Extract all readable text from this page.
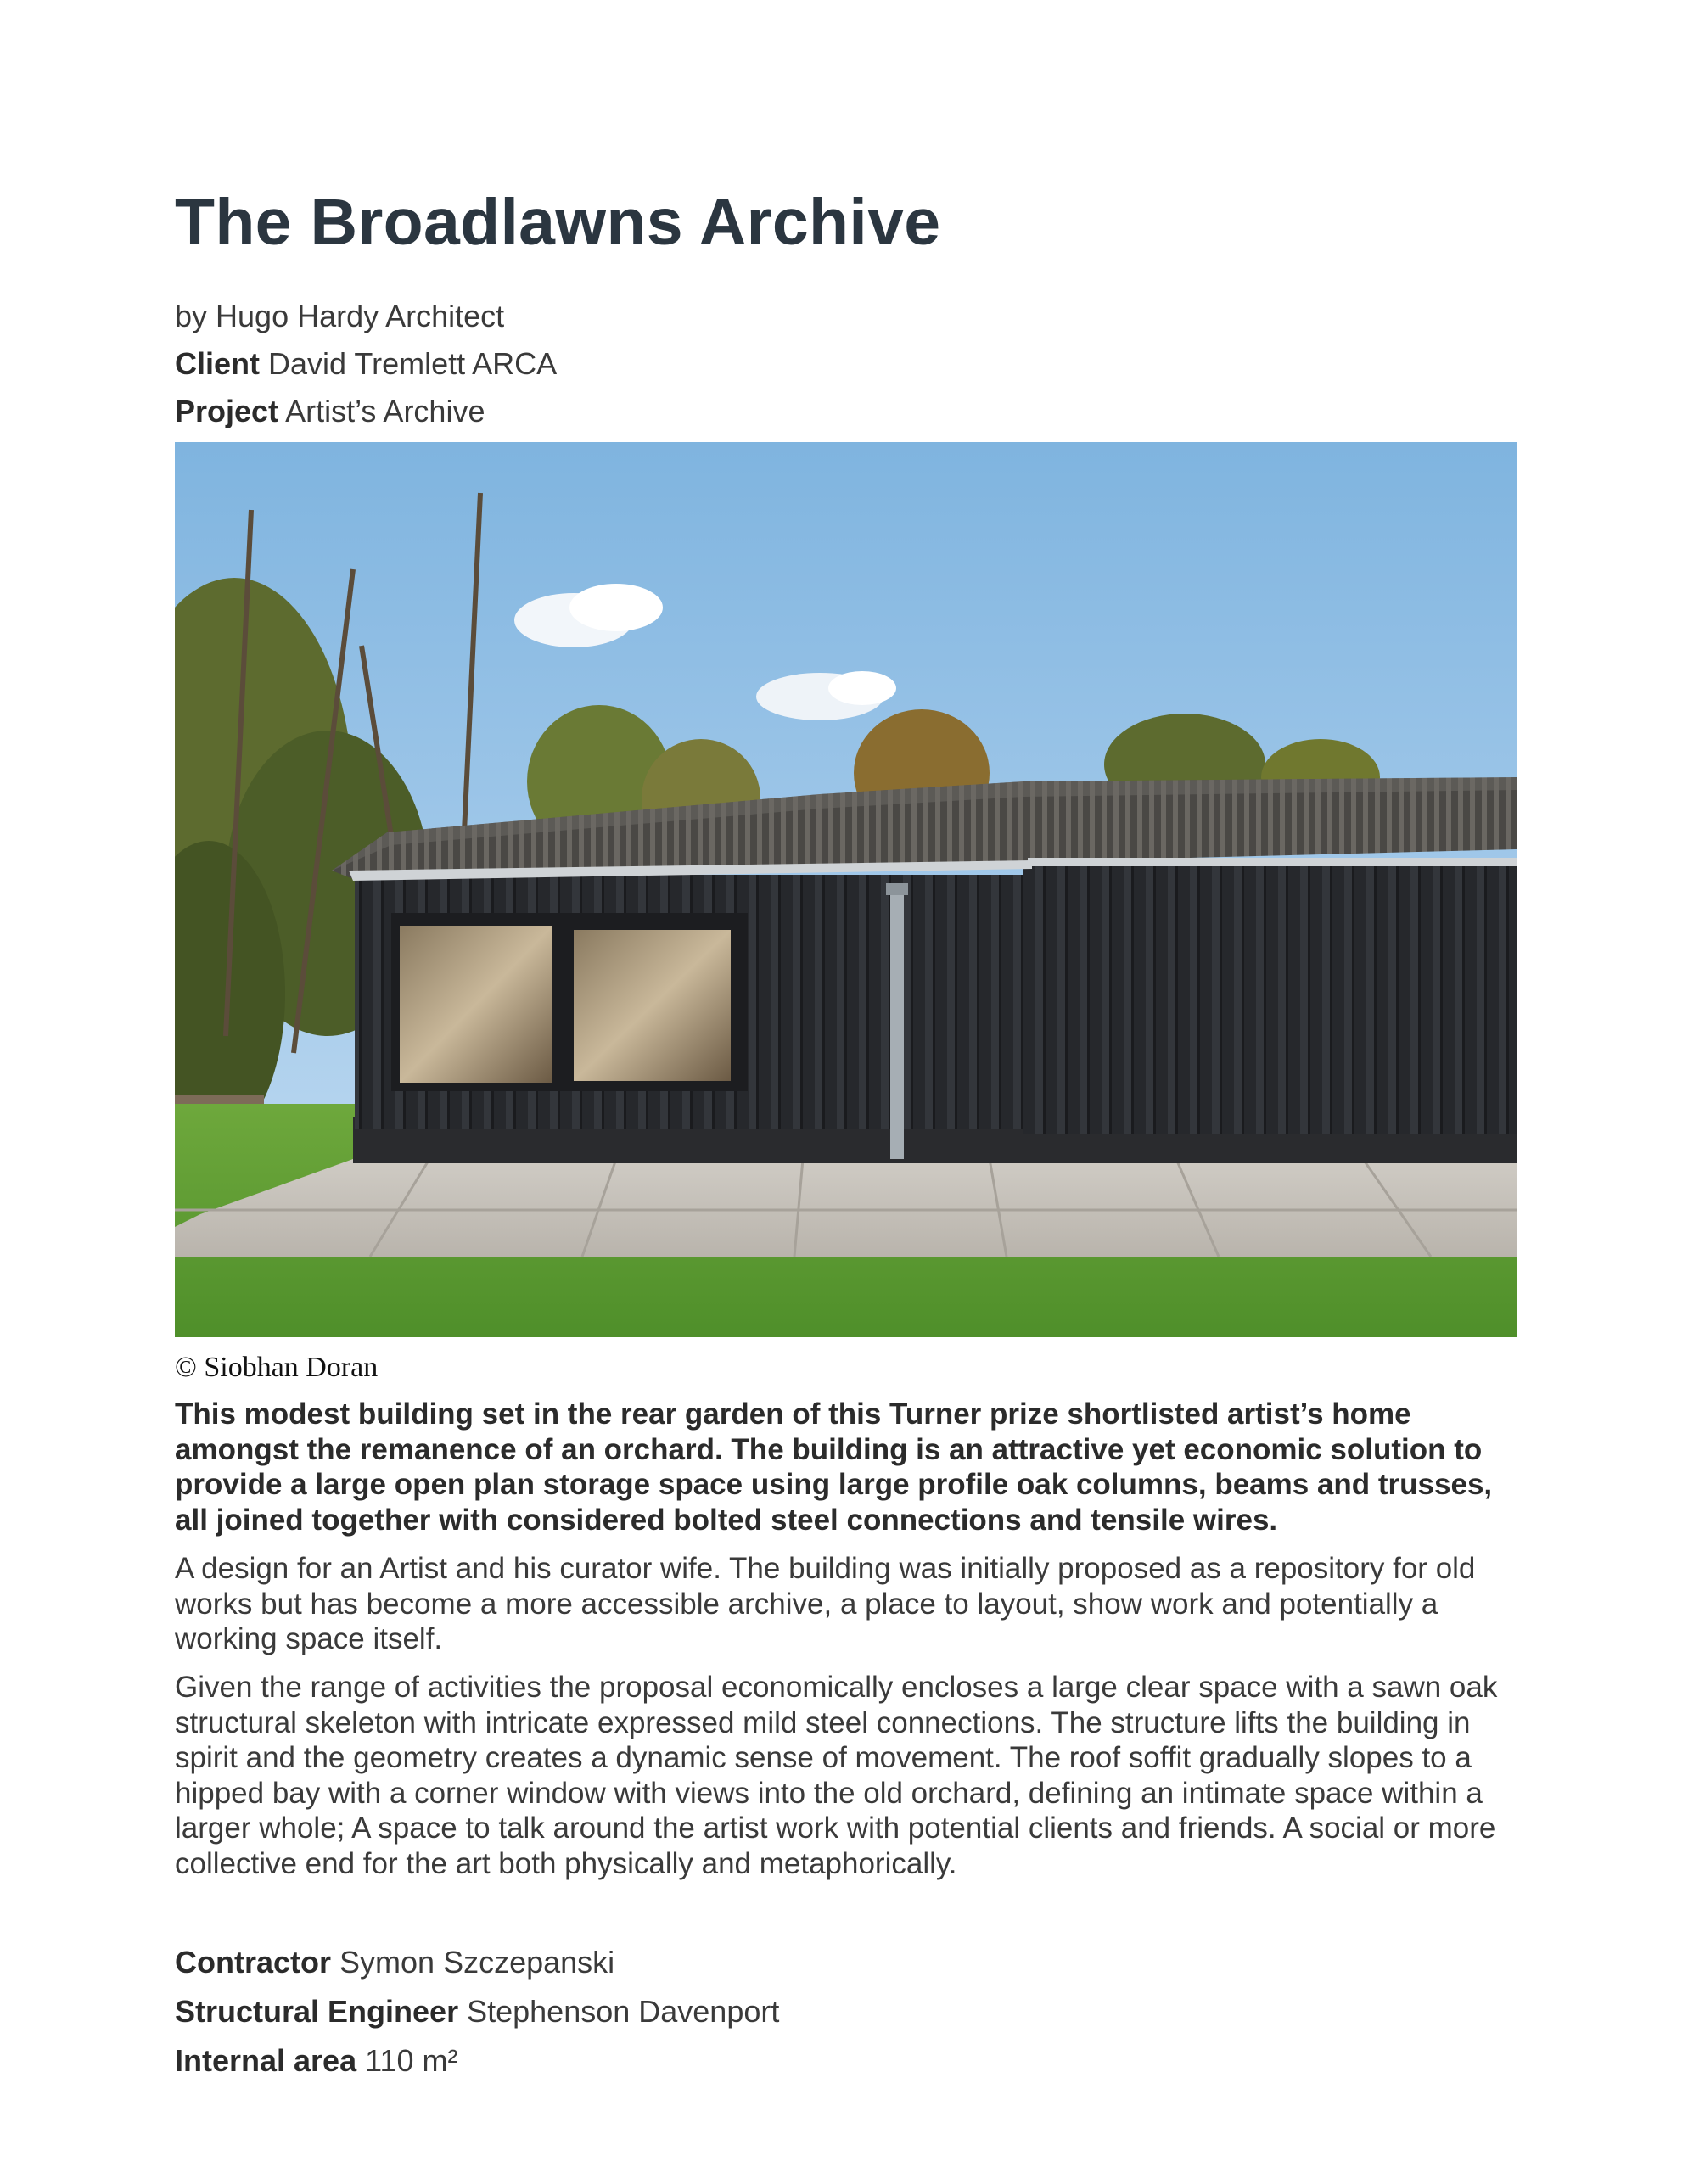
The Broadlawns Archive
by Hugo Hardy Architect
Client David Tremlett ARCA
Project Artist’s Archive
© Siobhan Doran

This modest building set in the rear garden of this Turner prize shortlisted artist’s home amongst the remanence of an orchard. The building is an attractive yet economic solution to provide a large open plan storage space using large profile oak columns, beams and trusses, all joined together with considered bolted steel connections and tensile wires.

A design for an Artist and his curator wife. The building was initially proposed as a repository for old works but has become a more accessible archive, a place to layout, show work and potentially a working space itself.

Given the range of activities the proposal economically encloses a large clear space with a sawn oak structural skeleton with intricate expressed mild steel connections. The structure lifts the building in spirit and the geometry creates a dynamic sense of movement. The roof soffit gradually slopes to a hipped bay with a corner window with views into the old orchard, defining an intimate space within a larger whole; A space to talk around the artist work with potential clients and friends. A social or more collective end for the art both physically and metaphorically.

Contractor Symon Szczepanski
Structural Engineer Stephenson Davenport
Internal area 110 m²
